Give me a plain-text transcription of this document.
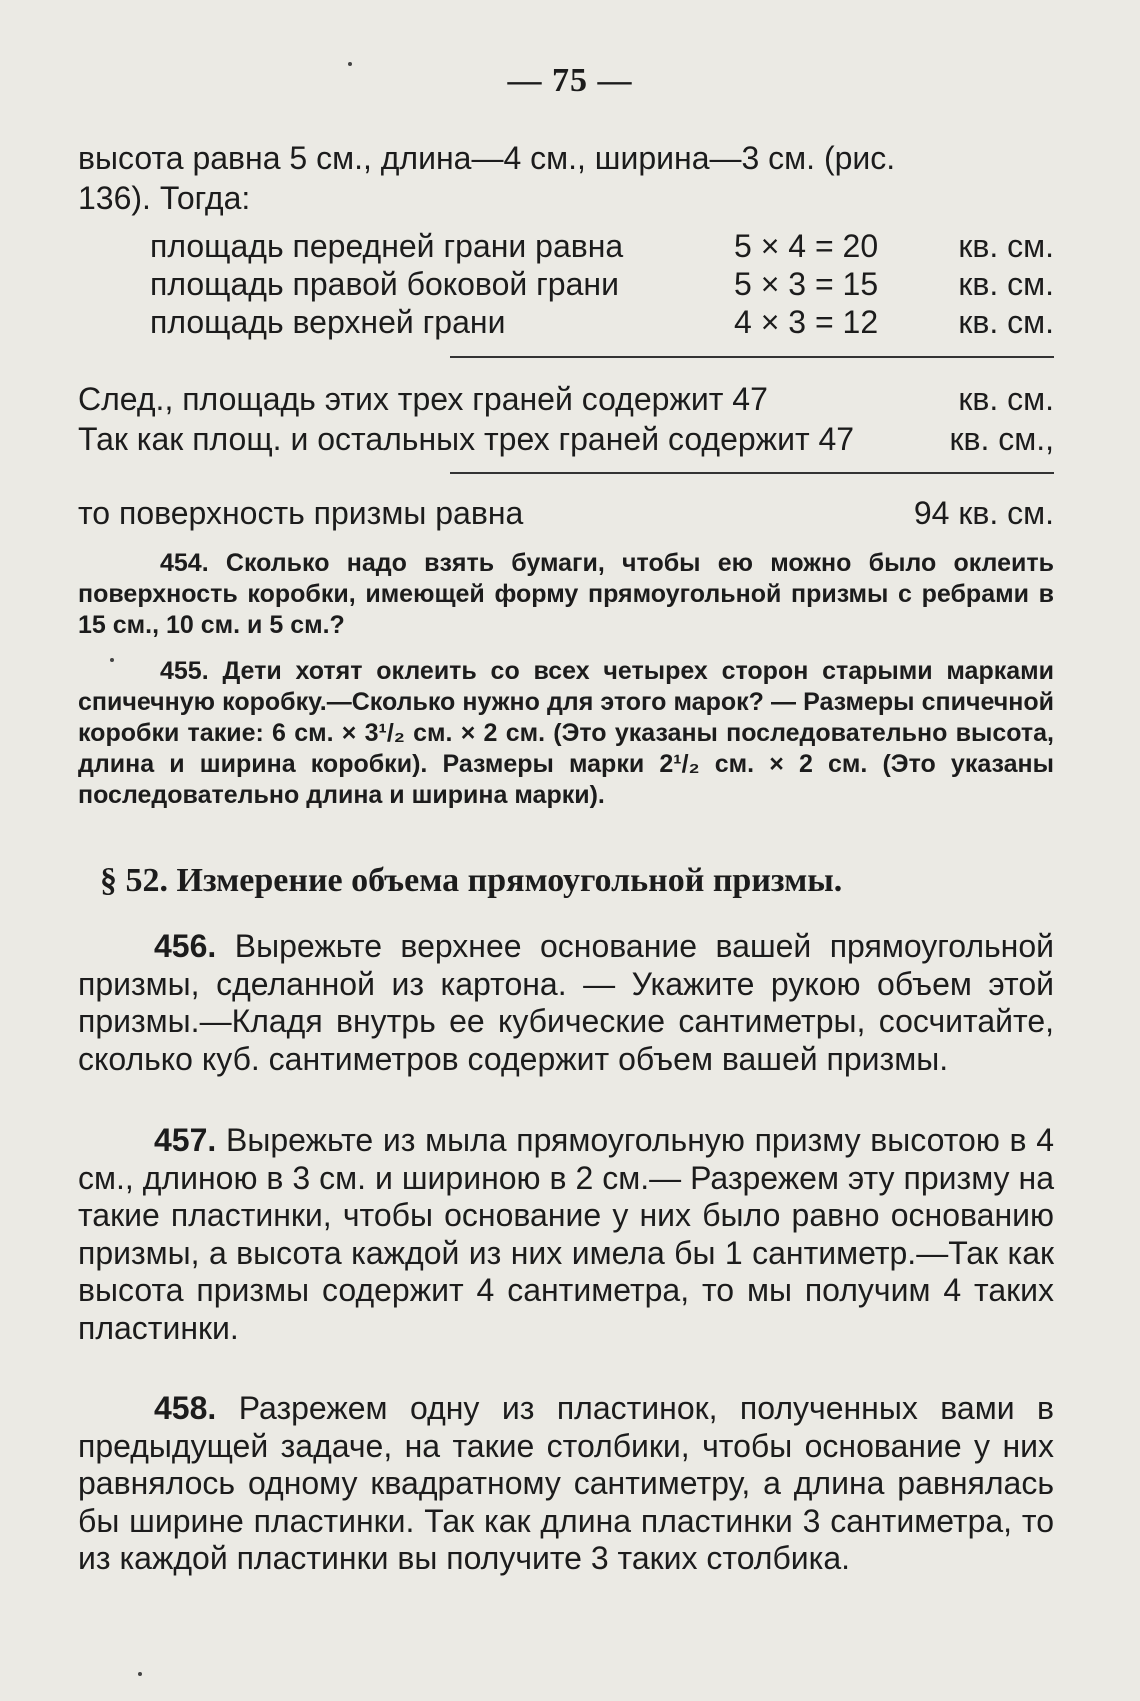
— 75 —

высота равна 5 см., длина—4 см., ширина—3 см. (рис.

136). Тогда:

площадь передней грани равна	5 × 4 = 20	кв. см.
площадь правой боковой грани	5 × 3 = 15	кв. см.
площадь верхней грани	4 × 3 = 12	кв. см.
След., площадь этих трех граней содержит 47	кв. см.
Так как площ. и остальных трех граней содержит 47	кв. см.,
то поверхность призмы равна	94 кв. см.

454. Сколько надо взять бумаги, чтобы ею можно было оклеить поверхность коробки, имеющей форму прямоугольной призмы с ребрами в 15 см., 10 см. и 5 см.?

455. Дети хотят оклеить со всех четырех сторон старыми марками спичечную коробку.—Сколько нужно для этого марок? — Размеры спичечной коробки такие: 6 см. × 3¹/₂ см. × 2 см. (Это указаны последовательно высота, длина и ширина коробки). Размеры марки 2¹/₂ см. × 2 см. (Это указаны последовательно длина и ширина марки).

§ 52. Измерение объема прямоугольной призмы.

456. Вырежьте верхнее основание вашей прямоугольной призмы, сделанной из картона. — Укажите рукою объем этой призмы.—Кладя внутрь ее кубические сантиметры, сосчитайте, сколько куб. сантиметров содержит объем вашей призмы.

457. Вырежьте из мыла прямоугольную призму высотою в 4 см., длиною в 3 см. и шириною в 2 см.— Разрежем эту призму на такие пластинки, чтобы основание у них было равно основанию призмы, а высота каждой из них имела бы 1 сантиметр.—Так как высота призмы содержит 4 сантиметра, то мы получим 4 таких пластинки.

458. Разрежем одну из пластинок, полученных вами в предыдущей задаче, на такие столбики, чтобы основание у них равнялось одному квадратному сантиметру, а длина равнялась бы ширине пластинки. Так как длина пластинки 3 сантиметра, то из каждой пластинки вы получите 3 таких столбика.
